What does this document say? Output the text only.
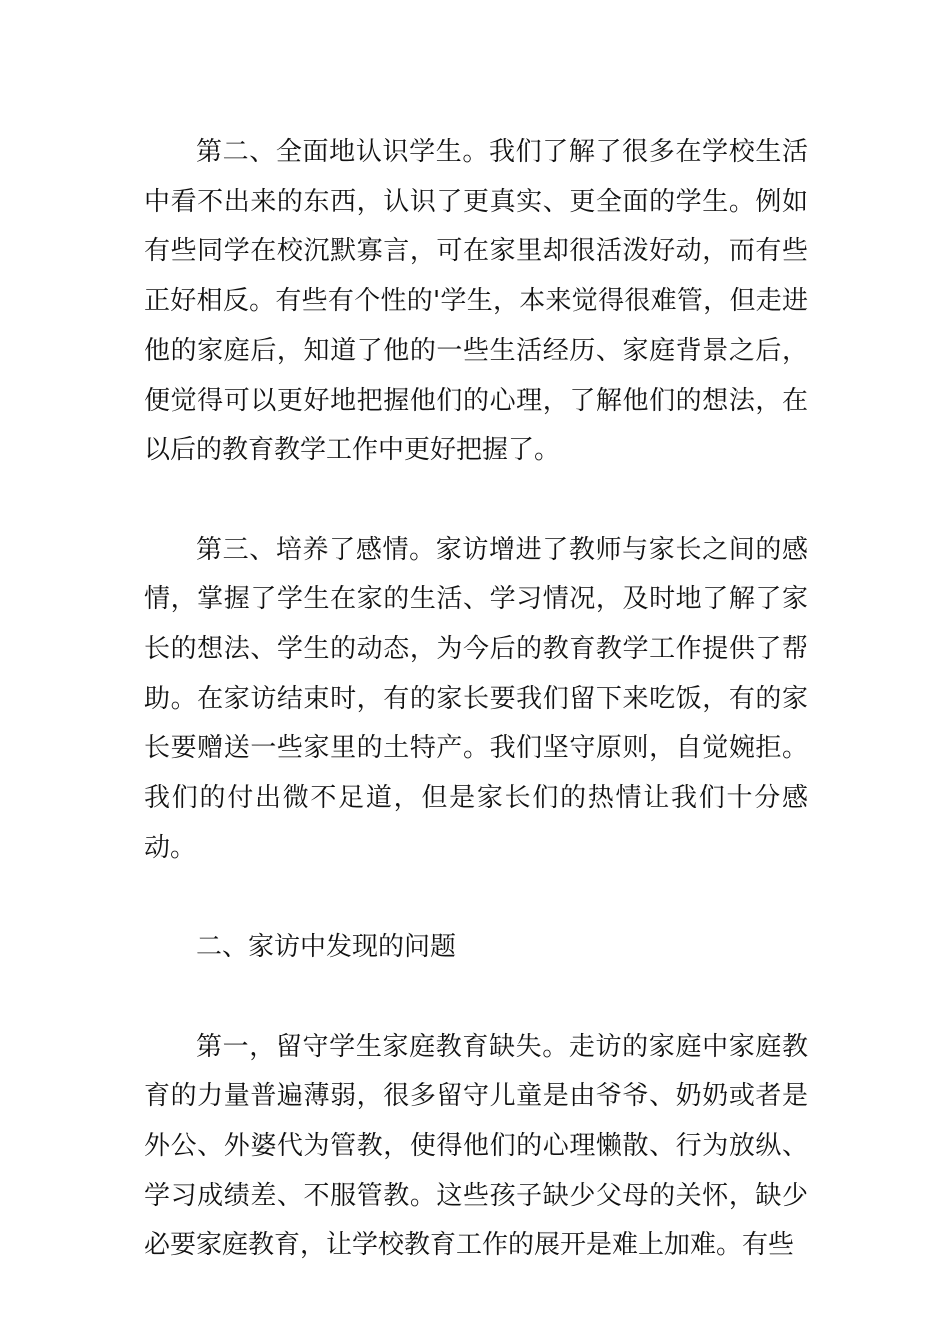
第二、全面地认识学生。我们了解了很多在学校生活中看不出来的东西，认识了更真实、更全面的学生。例如有些同学在校沉默寡言，可在家里却很活泼好动，而有些正好相反。有些有个性的'学生，本来觉得很难管，但走进他的家庭后，知道了他的一些生活经历、家庭背景之后，便觉得可以更好地把握他们的心理，了解他们的想法，在以后的教育教学工作中更好把握了。

第三、培养了感情。家访增进了教师与家长之间的感情，掌握了学生在家的生活、学习情况，及时地了解了家长的想法、学生的动态，为今后的教育教学工作提供了帮助。在家访结束时，有的家长要我们留下来吃饭，有的家长要赠送一些家里的土特产。我们坚守原则，自觉婉拒。我们的付出微不足道，但是家长们的热情让我们十分感动。

二、家访中发现的问题

第一，留守学生家庭教育缺失。走访的家庭中家庭教育的力量普遍薄弱，很多留守儿童是由爷爷、奶奶或者是外公、外婆代为管教，使得他们的心理懒散、行为放纵、学习成绩差、不服管教。这些孩子缺少父母的关怀，缺少必要家庭教育，让学校教育工作的展开是难上加难。有些
